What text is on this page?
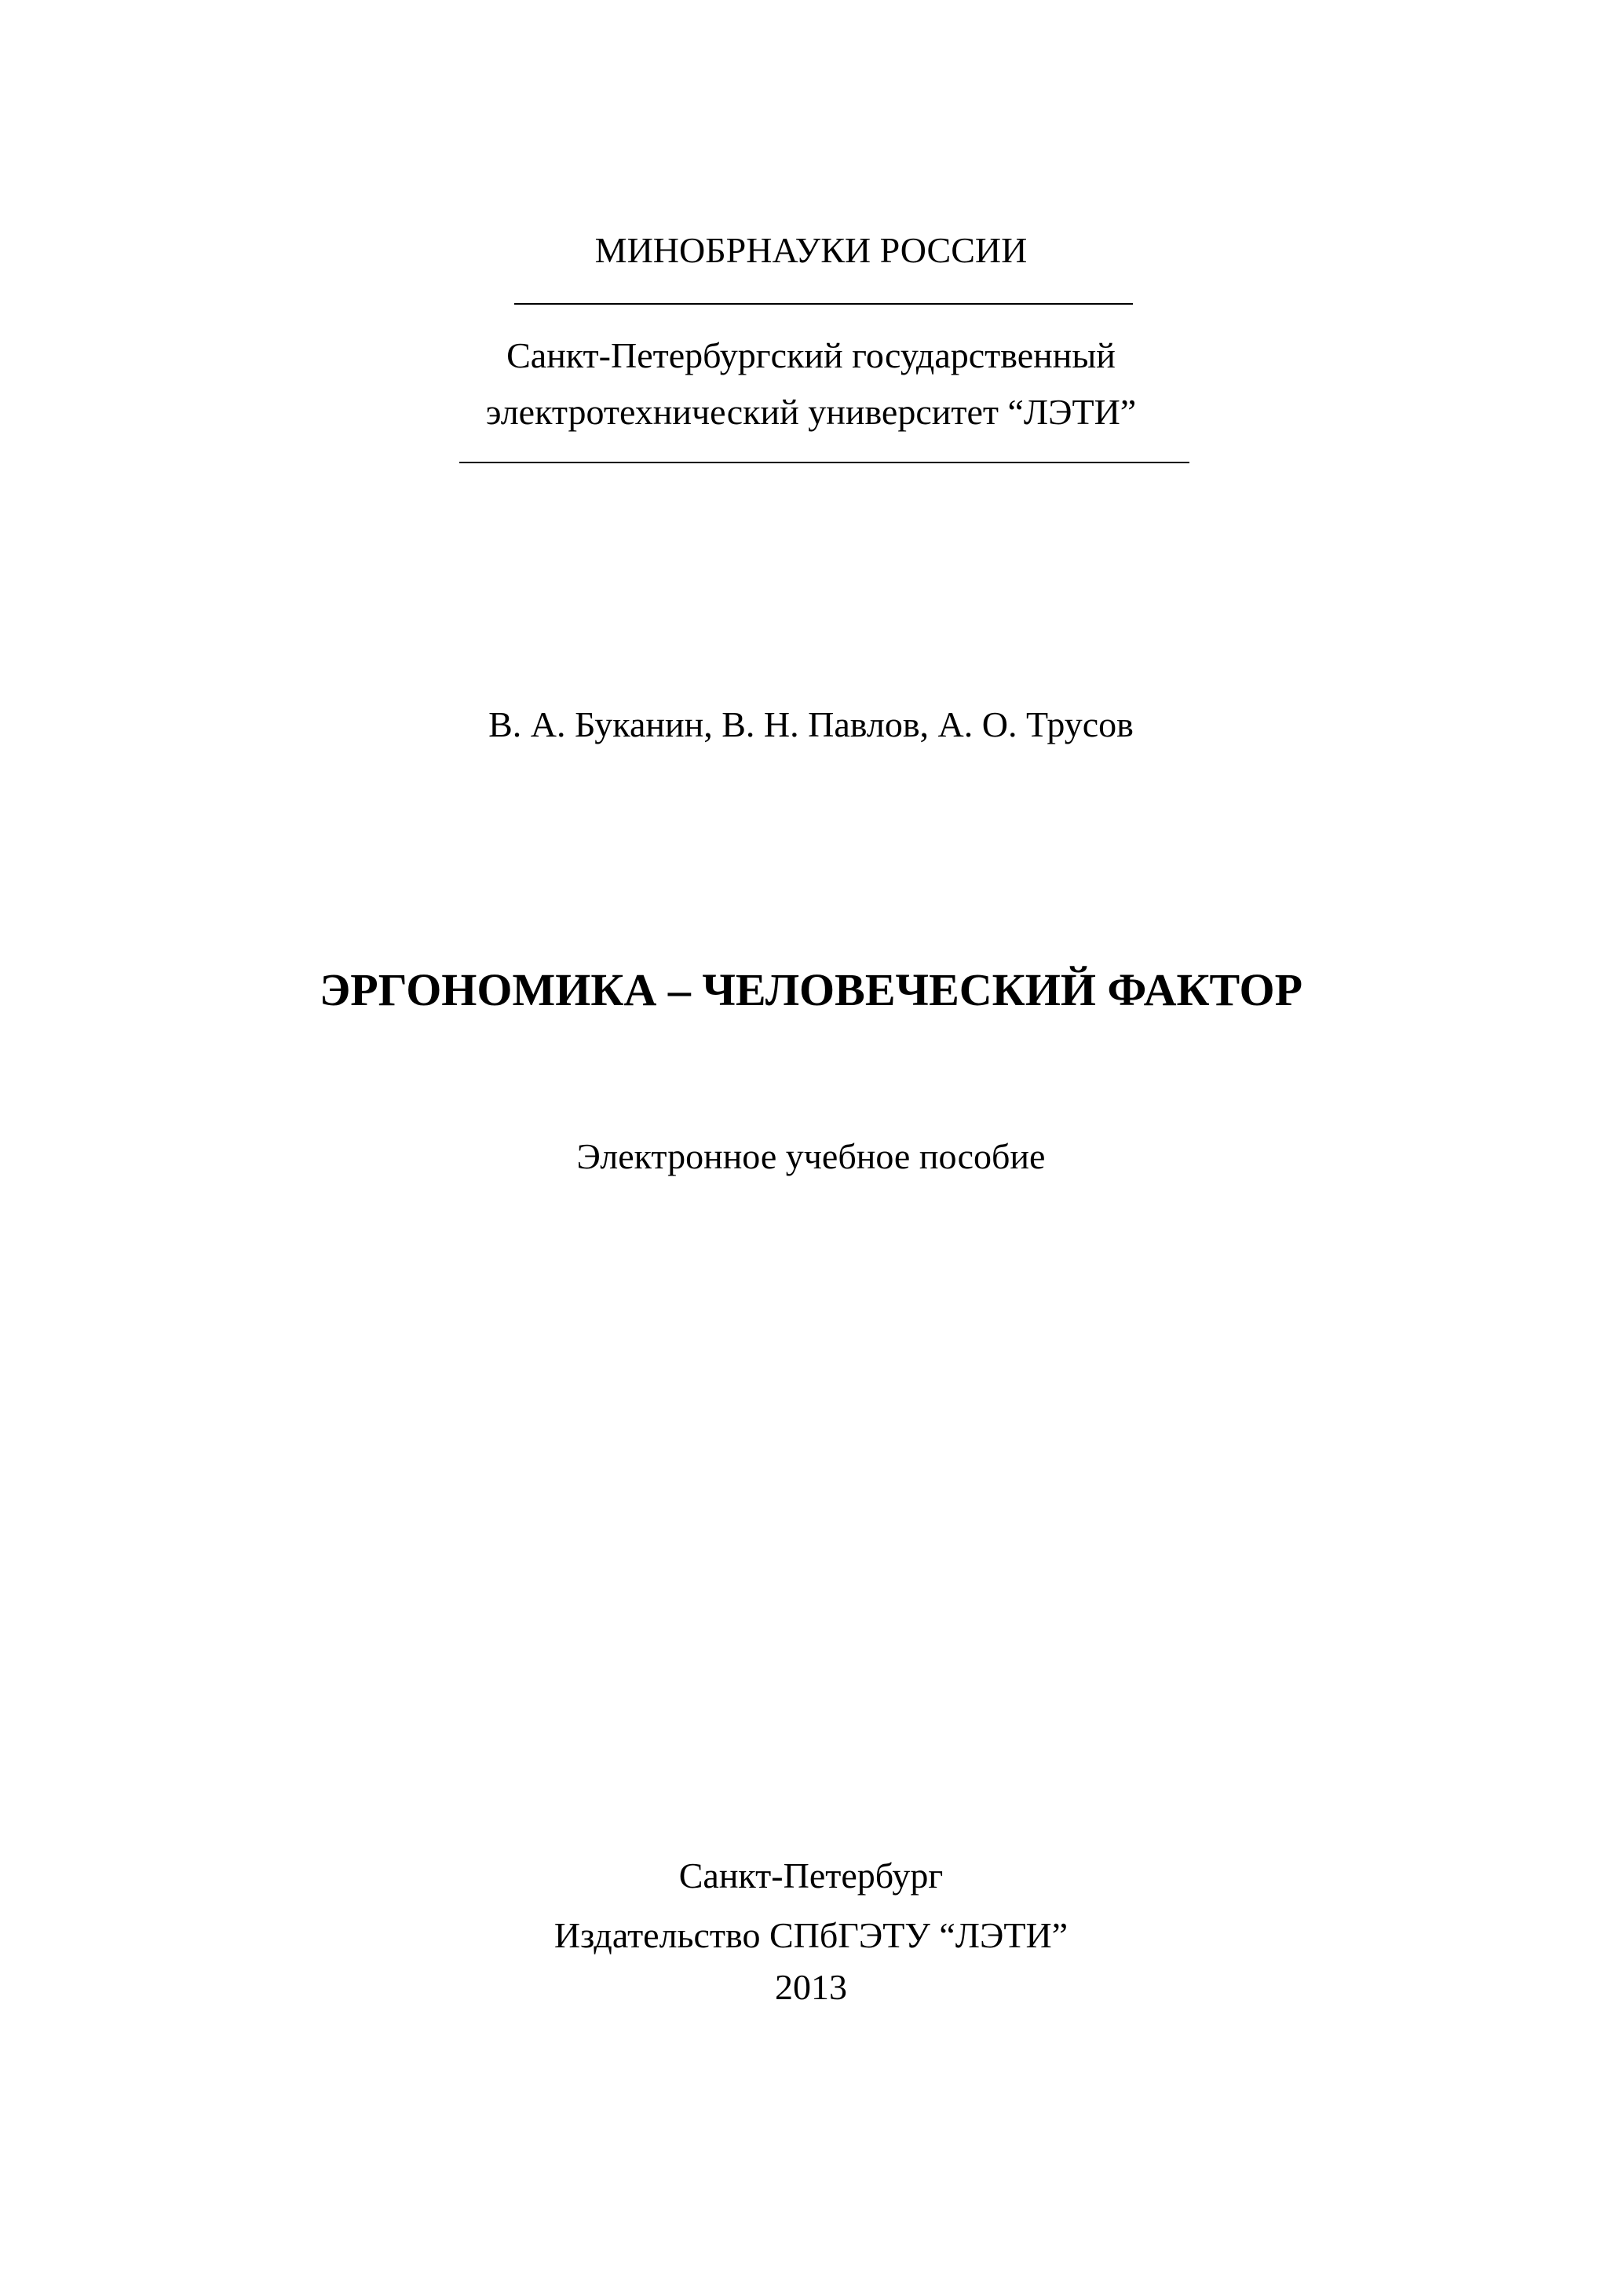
МИНОБРНАУКИ РОССИИ
Санкт-Петербургский государственный
электротехнический университет “ЛЭТИ”
В. А. Буканин, В. Н. Павлов, А. О. Трусов
ЭРГОНОМИКА – ЧЕЛОВЕЧЕСКИЙ ФАКТОР
Электронное учебное пособие
Санкт-Петербург
Издательство СПбГЭТУ “ЛЭТИ”
2013
